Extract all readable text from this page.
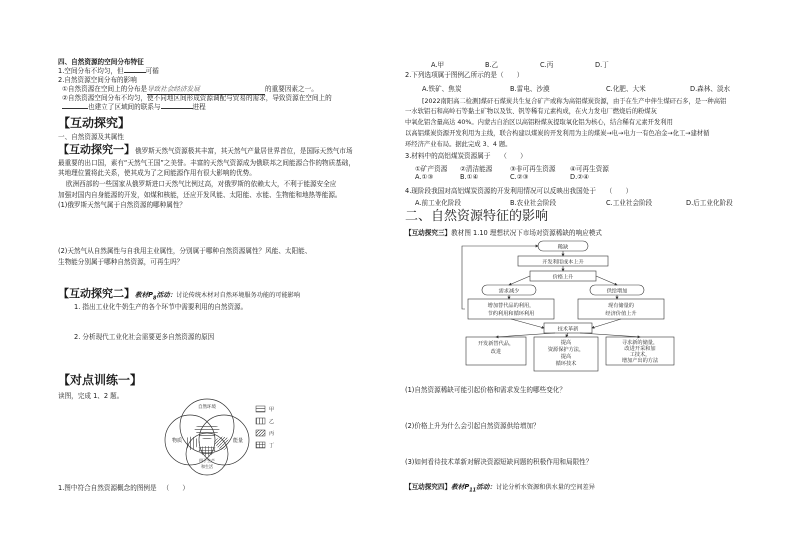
四、自然资源的空间分布特征
1.空间分布不均匀，但	可循
2.自然资源空间分布的影响
①自然资源在空间上的分布是导致社会经济发展	的重要因素之一。
②自然资源空间分布不均匀，使不同地区间形成资源调配与贸易的需求，导致资源在空间上的
也建立了区域间的联系与	进程
【互动探究】
一、自然资源及其属性
【互动探究一】俄罗斯天然气资源极其丰富，其天然气产量居世界首位，是国际天然气市场
最重要的出口国，素有“天然气王国”之美誉。丰富的天然气资源成为俄联邦之间能源合作的物质基础，
其地理位置将此关系，使其成为了之间能源作用有很大影响的优势。
欧洲西部的一些国家从俄罗斯进口天然气比例过高，对俄罗斯的依赖太大，不利于能源安全应
加强对国内自身能源的开发，如煤和核能，还应开发风能、太阳能、水能、生物能和地热等能源。
(1)俄罗斯天然气属于自然资源的哪种属性？
(2)天然气从自然属性与自我用主业属性，分别属于哪种自然资源属性？风能、太阳能、
生物能分别属于哪种自然资源，可再生吗？
【互动探究二】教材$P_8$活动：讨论传统木材对自然环境服务功能的可能影响
1. 指出工业化牛奶生产的各个环节中需要利用的自然资源。
2. 分析现代工业化社会需要更多自然资源的原因
【对点训练一】
读图，完成 1、2 题。
自然环境
物质	能量
用于生产
和生活
甲
乙
丙
丁
1.图中符合自然资源概念的图例是 （　　）
A.甲	B.乙	C.丙	D.丁
2.下列选项属于图例乙所示的是（　　）
A.铁矿、焦炭	B.雷电、沙漠	C.化肥、大米	D.森林、淡水
[2022南阳高二检测]煤矸石煤炭共生复合矿产或称为高铝煤炭资源，由于在生产中伴生煤矸石多，是一种高铝
一水软铝石和高岭石等黏土矿物以及钛、钒等稀有元素构成，在火力发电厂燃烧后的粉煤灰
中氧化铝含量高达 40%。内蒙古自治区以高铝粉煤灰提取氧化铝为核心，结合稀有元素开发利用
以高铝煤炭资源开发利用为主线，联合构建以煤炭的开发利用为主的煤炭→电→电力一有色冶金→化工→建材循
环经济产业布局。据此完成 3、4 题。
3.材料中的高铝煤炭资源属于　　（　　）
①矿产资源 ②清洁能源	③非可再生资源 ④可再生资源
A.①③	B.①④	C.②③	D.②④
4.现阶段我国对高铝煤炭资源的开发利用情况可以反映出我国处于　　（　　）
A.前工业化阶段	B.农业社会阶段	C.工业社会阶段	D.后工业化阶段
二、自然资源特征的影响
【互动探究三】教材图 1.10 理想状况下市场对资源稀缺的响应模式
稀缺
开发利用成本上升
价格上升
需求减少	供给增加
增加替代品的利用，
节约利用和循环利用
现有储量的
经济价值上升
技术革新
开发新替代品，
改进
提高
资源保护方法，
提高
循环技术
寻求新的储量，
改进开采和加
工技术，
增加产出的方法
(1)自然资源稀缺可能引起价格和需求发生的哪些变化？
(2)价格上升为什么会引起自然资源供给增加？
(3)如何看待技术革新对解决资源短缺问题的积极作用和局限性？
【互动探究四】教材$P_{11}$活动：讨论分析水资源和供水量的空间差异
